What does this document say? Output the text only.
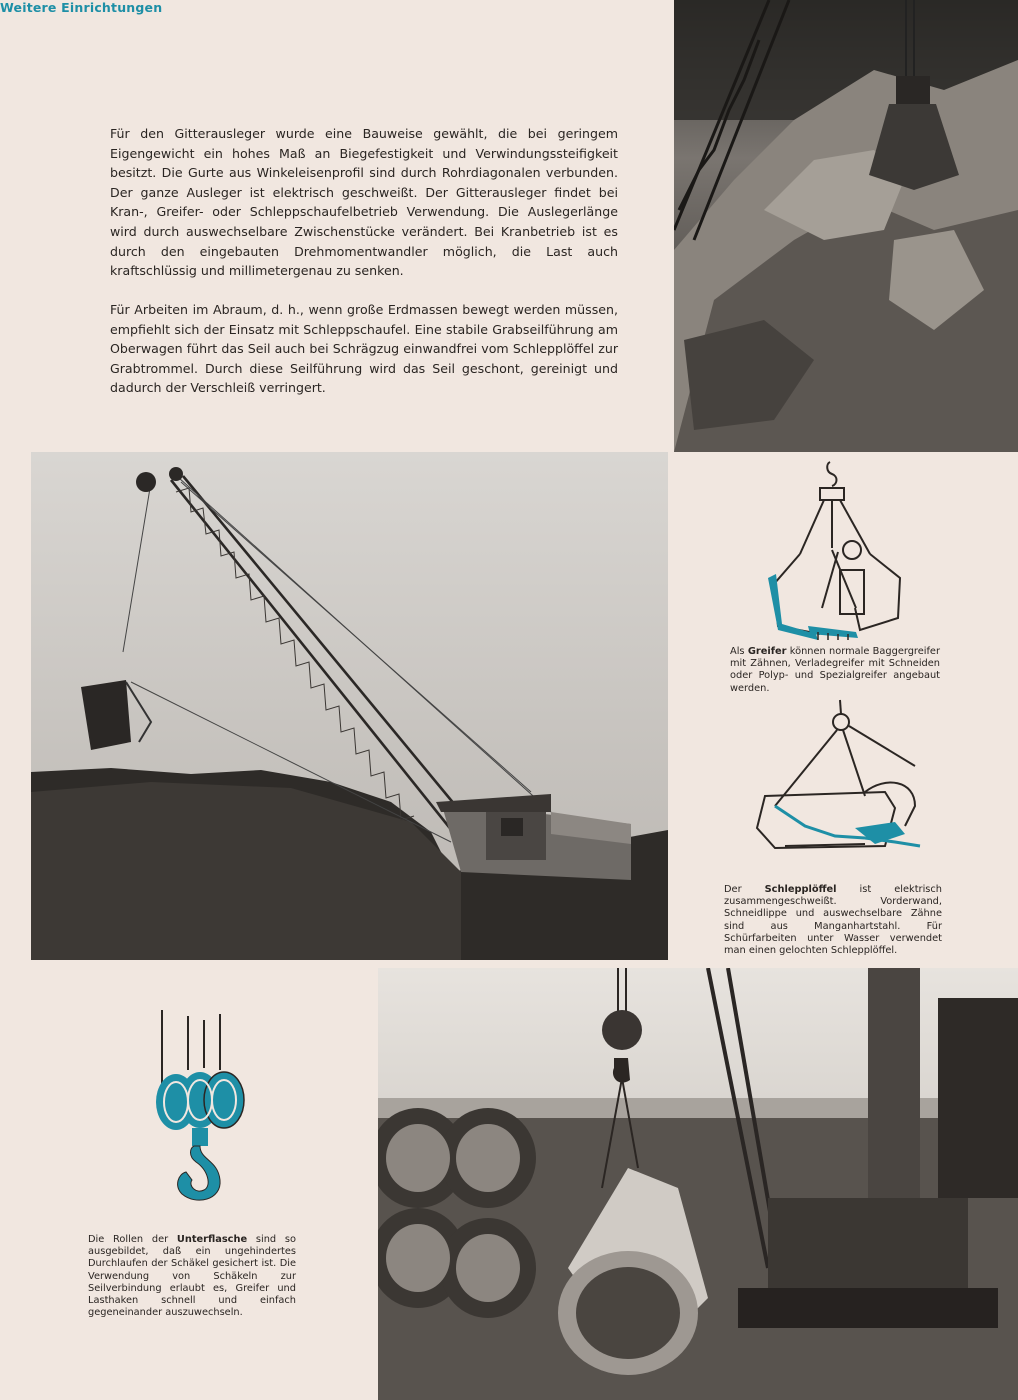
Weitere Einrichtungen

Für den Gitterausleger wurde eine Bauweise gewählt, die bei geringem Eigengewicht ein hohes Maß an Biegefestigkeit und Verwindungssteifigkeit besitzt. Die Gurte aus Winkeleisenprofil sind durch Rohrdiagonalen verbunden. Der ganze Ausleger ist elektrisch geschweißt. Der Gitterausleger findet bei Kran-, Greifer- oder Schleppschaufelbetrieb Verwendung. Die Auslegerlänge wird durch auswechselbare Zwischenstücke verändert. Bei Kranbetrieb ist es durch den eingebauten Drehmomentwandler möglich, die Last auch kraftschlüssig und millimetergenau zu senken.

Für Arbeiten im Abraum, d. h., wenn große Erdmassen bewegt werden müssen, empfiehlt sich der Einsatz mit Schleppschaufel. Eine stabile Grabseilführung am Oberwagen führt das Seil auch bei Schrägzug einwandfrei vom Schlepplöffel zur Grabtrommel. Durch diese Seilführung wird das Seil geschont, gereinigt und dadurch der Verschleiß verringert.

Als Greifer können normale Baggergreifer mit Zähnen, Verladegreifer mit Schneiden oder Polyp- und Spezialgreifer angebaut werden.

Der Schlepplöffel ist elektrisch zusammengeschweißt. Vorderwand, Schneidlippe und auswechselbare Zähne sind aus Manganhartstahl. Für Schürfarbeiten unter Wasser verwendet man einen gelochten Schlepplöffel.

Die Rollen der Unterflasche sind so ausgebildet, daß ein ungehindertes Durchlaufen der Schäkel gesichert ist. Die Verwendung von Schäkeln zur Seilverbindung erlaubt es, Greifer und Lasthaken schnell und einfach gegeneinander auszuwechseln.
